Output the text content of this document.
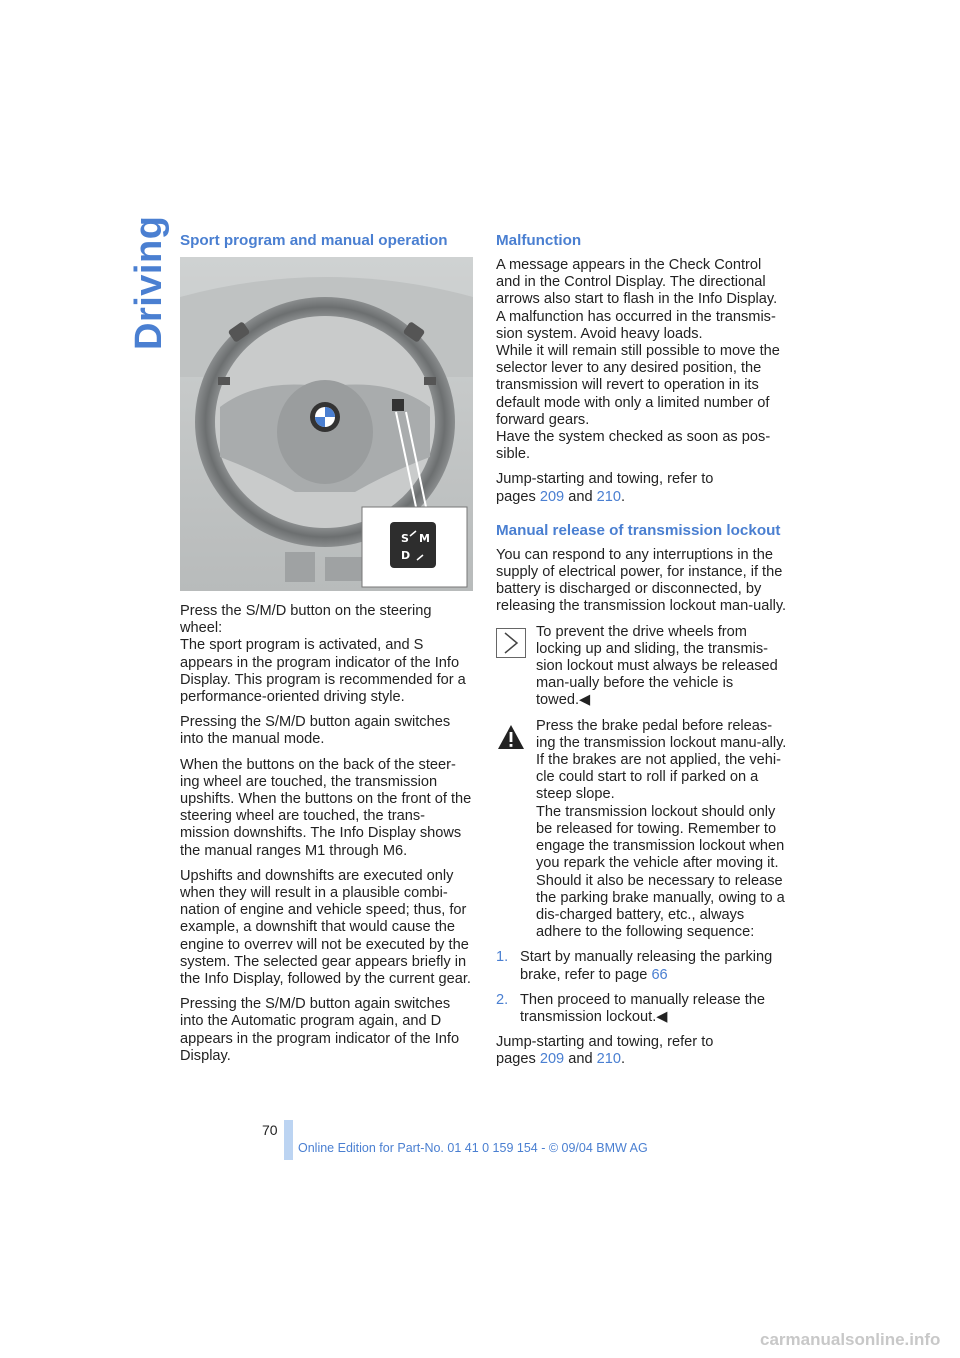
Driving Sport program and manual operation
S M
D

Press the S/M/D button on the steering wheel:
The sport program is activated, and S appears in the program indicator of the Info Display. This program is recommended for a performance-oriented driving style.

Pressing the S/M/D button again switches into the manual mode.

When the buttons on the back of the steer-ing wheel are touched, the transmission upshifts. When the buttons on the front of the steering wheel are touched, the trans-mission downshifts. The Info Display shows the manual ranges M1 through M6.

Upshifts and downshifts are executed only when they will result in a plausible combi-nation of engine and vehicle speed; thus, for example, a downshift that would cause the engine to overrev will not be executed by the system. The selected gear appears briefly in the Info Display, followed by the current gear.

Pressing the S/M/D button again switches into the Automatic program again, and D appears in the program indicator of the Info Display.

Malfunction

A message appears in the Check Control and in the Control Display. The directional arrows also start to flash in the Info Display. A malfunction has occurred in the transmis-sion system. Avoid heavy loads.
While it will remain still possible to move the selector lever to any desired position, the transmission will revert to operation in its default mode with only a limited number of forward gears.
Have the system checked as soon as pos-sible.

Jump-starting and towing, refer to
pages 209 and 210.

Manual release of transmission lockout

You can respond to any interruptions in the supply of electrical power, for instance, if the battery is discharged or disconnected, by releasing the transmission lockout man-ually.

To prevent the drive wheels from locking up and sliding, the transmis-sion lockout must always be released man-ually before the vehicle is towed.◀
Press the brake pedal before releas-ing the transmission lockout manu-ally. If the brakes are not applied, the vehi-cle could start to roll if parked on a steep slope.
The transmission lockout should only be released for towing. Remember to engage the transmission lockout when you repark the vehicle after moving it.
Should it also be necessary to release the parking brake manually, owing to a dis-charged battery, etc., always adhere to the following sequence:
1. Start by manually releasing the parking brake, refer to page 66
2. Then proceed to manually release the transmission lockout.◀

Jump-starting and towing, refer to
pages 209 and 210.

70
Online Edition for Part-No. 01 41 0 159 154 - © 09/04 BMW AG
carmanualsonline.info
